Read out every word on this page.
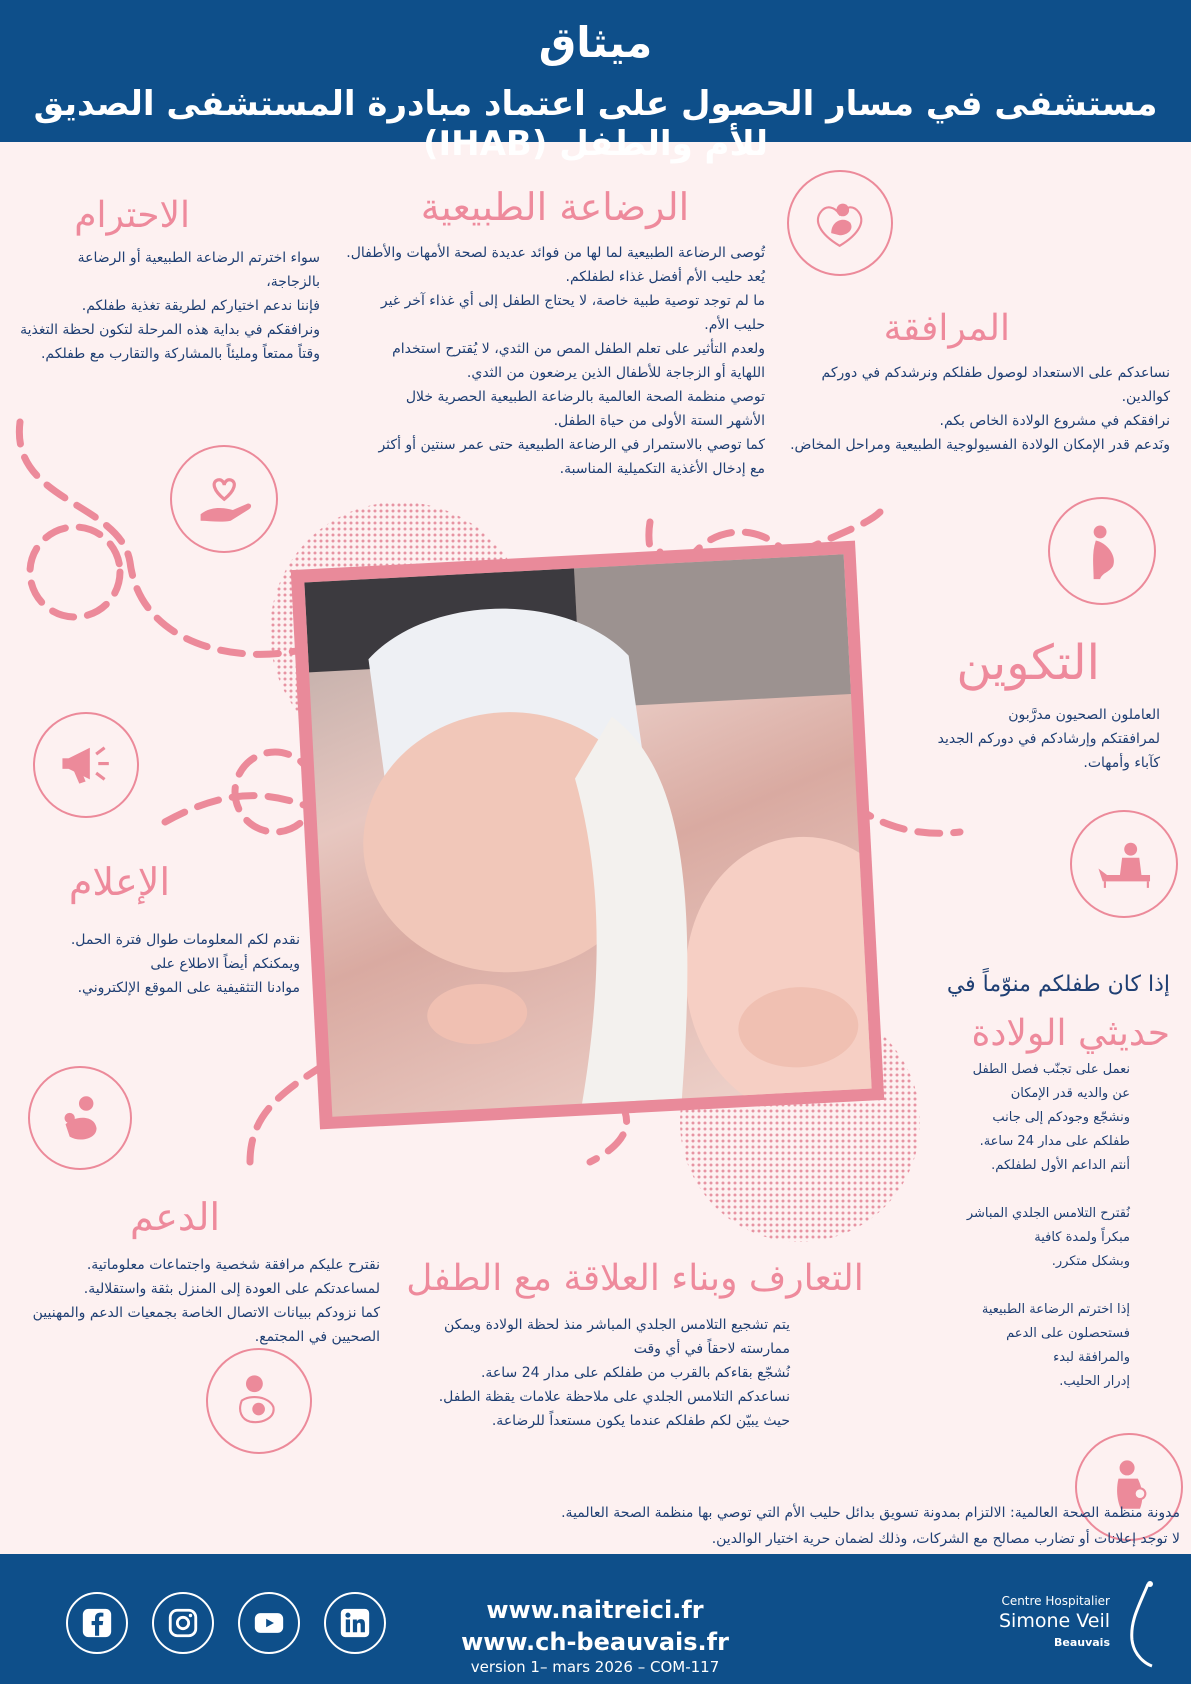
ميثاق
مستشفى في مسار الحصول على اعتماد مبادرة المستشفى الصديق للأم والطفل (IHAB)
الاحترام

سواء اخترتم الرضاعة الطبيعية أو الرضاعة بالزجاجة،

فإننا ندعم اختياركم لطريقة تغذية طفلكم.

ونرافقكم في بداية هذه المرحلة لتكون لحظة التغذية

وقتاً ممتعاً ومليئاً بالمشاركة والتقارب مع طفلكم.

الرضاعة الطبيعية

تُوصى الرضاعة الطبيعية لما لها من فوائد عديدة لصحة الأمهات والأطفال.

يُعد حليب الأم أفضل غذاء لطفلكم.

ما لم توجد توصية طبية خاصة، لا يحتاج الطفل إلى أي غذاء آخر غير

حليب الأم.

ولعدم التأثير على تعلم الطفل المص من الثدي، لا يُقترح استخدام

اللهاية أو الزجاجة للأطفال الذين يرضعون من الثدي.

توصي منظمة الصحة العالمية بالرضاعة الطبيعية الحصرية خلال

الأشهر الستة الأولى من حياة الطفل.

كما توصي بالاستمرار في الرضاعة الطبيعية حتى عمر سنتين أو أكثر

مع إدخال الأغذية التكميلية المناسبة.

المرافقة

نساعدكم على الاستعداد لوصول طفلكم ونرشدكم في دوركم

كوالدين.

نرافقكم في مشروع الولادة الخاص بكم.

ونَدعم قدر الإمكان الولادة الفسيولوجية الطبيعية ومراحل المخاض.

التكوين

العاملون الصحيون مدرَّبون

لمرافقتكم وإرشادكم في دوركم الجديد

كآباء وأمهات.

الإعلام

نقدم لكم المعلومات طوال فترة الحمل.

ويمكنكم أيضاً الاطلاع على

موادنا التثقيفية على الموقع الإلكتروني.

الدعم

نقترح عليكم مرافقة شخصية واجتماعات معلوماتية.

لمساعدتكم على العودة إلى المنزل بثقة واستقلالية.

كما نزودكم ببيانات الاتصال الخاصة بجمعيات الدعم والمهنيين

الصحيين في المجتمع.

التعارف وبناء العلاقة مع الطفل

يتم تشجيع التلامس الجلدي المباشر منذ لحظة الولادة ويمكن

ممارسته لاحقاً في أي وقت

نُشجّع بقاءكم بالقرب من طفلكم على مدار 24 ساعة.

نساعدكم التلامس الجلدي على ملاحظة علامات يقظة الطفل.

حيث يبيّن لكم طفلكم عندما يكون مستعداً للرضاعة.

إذا كان طفلكم منوّماً في
حديثي الولادة

نعمل على تجنّب فصل الطفل

عن والديه قدر الإمكان

ونشجّع وجودكم إلى جانب

طفلكم على مدار 24 ساعة.

أنتم الداعم الأول لطفلكم.

نُقترح التلامس الجلدي المباشر

مبكراً ولمدة كافية

وبشكل متكرر.

إذا اخترتم الرضاعة الطبيعية

فستحصلون على الدعم

والمرافقة لبدء

إدرار الحليب.

مدونة منظمة الصحة العالمية: الالتزام بمدونة تسويق بدائل حليب الأم التي توصي بها منظمة الصحة العالمية.
لا توجد إعلانات أو تضارب مصالح مع الشركات، وذلك لضمان حرية اختيار الوالدين.
www.naitreici.fr
www.ch-beauvais.fr
version 1– mars 2026 – COM-117
Centre Hospitalier
Simone Veil
Beauvais
